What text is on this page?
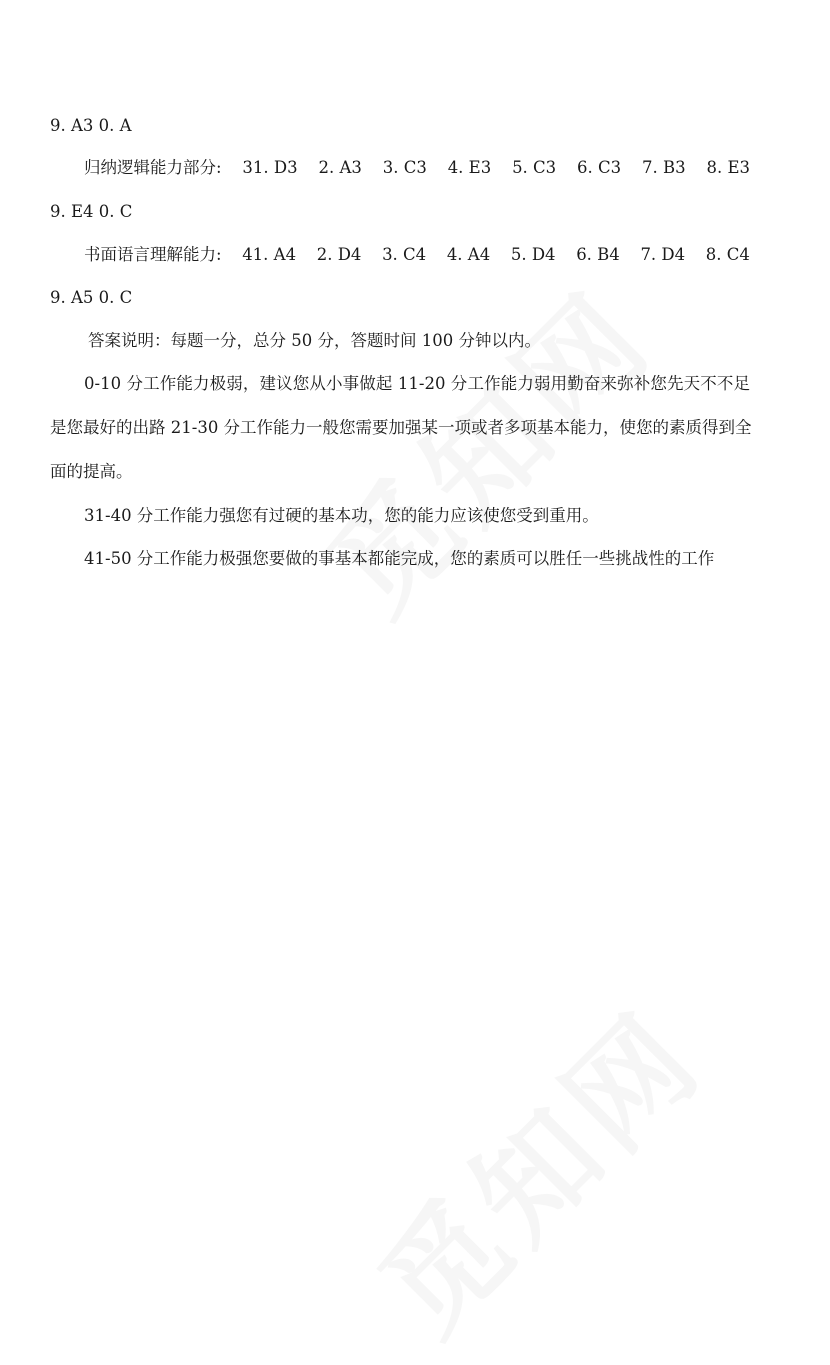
9. A3 0. A
归纳逻辑能力部分: 31. D3 2. A3 3. C3 4. E3 5. C3 6. C3 7. B3 8. E3
9. E4 0. C
书面语言理解能力: 41. A4 2. D4 3. C4 4. A4 5. D4 6. B4 7. D4 8. C4
9. A5 0. C
答案说明：每题一分，总分 50 分，答题时间 100 分钟以内。
0-10 分工作能力极弱，建议您从小事做起 11-20 分工作能力弱用勤奋来弥补您先天不不足
是您最好的出路 21-30 分工作能力一般您需要加强某一项或者多项基本能力，使您的素质得到全
面的提高。
31-40 分工作能力强您有过硬的基本功，您的能力应该使您受到重用。
41-50 分工作能力极强您要做的事基本都能完成，您的素质可以胜任一些挑战性的工作
